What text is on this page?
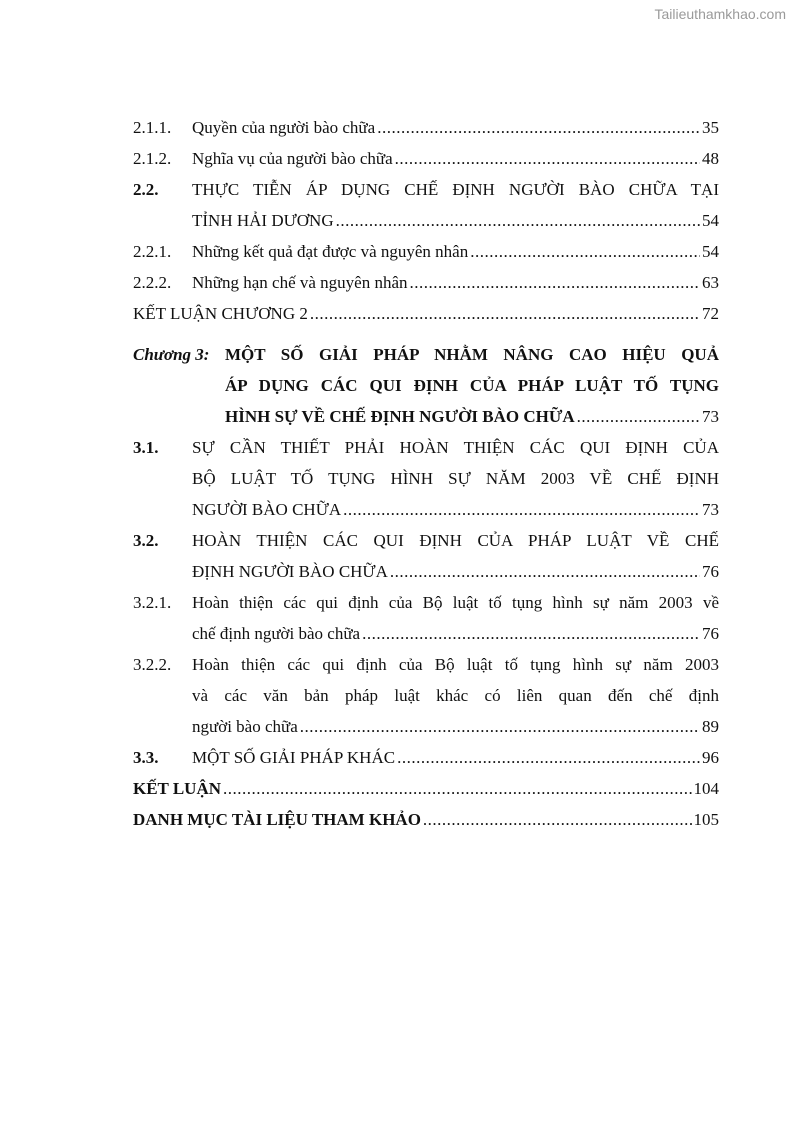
Tailieuthamkhao.com
2.1.1. Quyền của người bào chữa .....	35
2.1.2. Nghĩa vụ của người bào chữa .....	48
2.2. THỰC TIỄN ÁP DỤNG CHẾ ĐỊNH NGƯỜI BÀO CHỮA TẠI
TỈNH HẢI DƯƠNG .....	54
2.2.1. Những kết quả đạt được và nguyên nhân .....	54
2.2.2. Những hạn chế và nguyên nhân .....	63
KẾT LUẬN CHƯƠNG 2 .....	72
Chương 3: MỘT SỐ GIẢI PHÁP NHẰM NÂNG CAO HIỆU QUẢ
ÁP DỤNG CÁC QUI ĐỊNH CỦA PHÁP LUẬT TỐ TỤNG
HÌNH SỰ VỀ CHẾ ĐỊNH NGƯỜI BÀO CHỮA .....	73
3.1. SỰ CẦN THIẾT PHẢI HOÀN THIỆN CÁC QUI ĐỊNH CỦA
BỘ LUẬT TỐ TỤNG HÌNH SỰ NĂM 2003 VỀ CHẾ ĐỊNH
NGƯỜI BÀO CHỮA .....	73
3.2. HOÀN THIỆN CÁC QUI ĐỊNH CỦA PHÁP LUẬT VỀ CHẾ
ĐỊNH NGƯỜI BÀO CHỮA .....	76
3.2.1. Hoàn thiện các qui định của Bộ luật tố tụng hình sự năm 2003 về
chế định người bào chữa .....	76
3.2.2. Hoàn thiện các qui định của Bộ luật tố tụng hình sự năm 2003
và các văn bản pháp luật khác có liên quan đến chế định
người bào chữa .....	89
3.3. MỘT SỐ GIẢI PHÁP KHÁC .....	96
KẾT LUẬN .....	104
DANH MỤC TÀI LIỆU THAM KHẢO .....	105
